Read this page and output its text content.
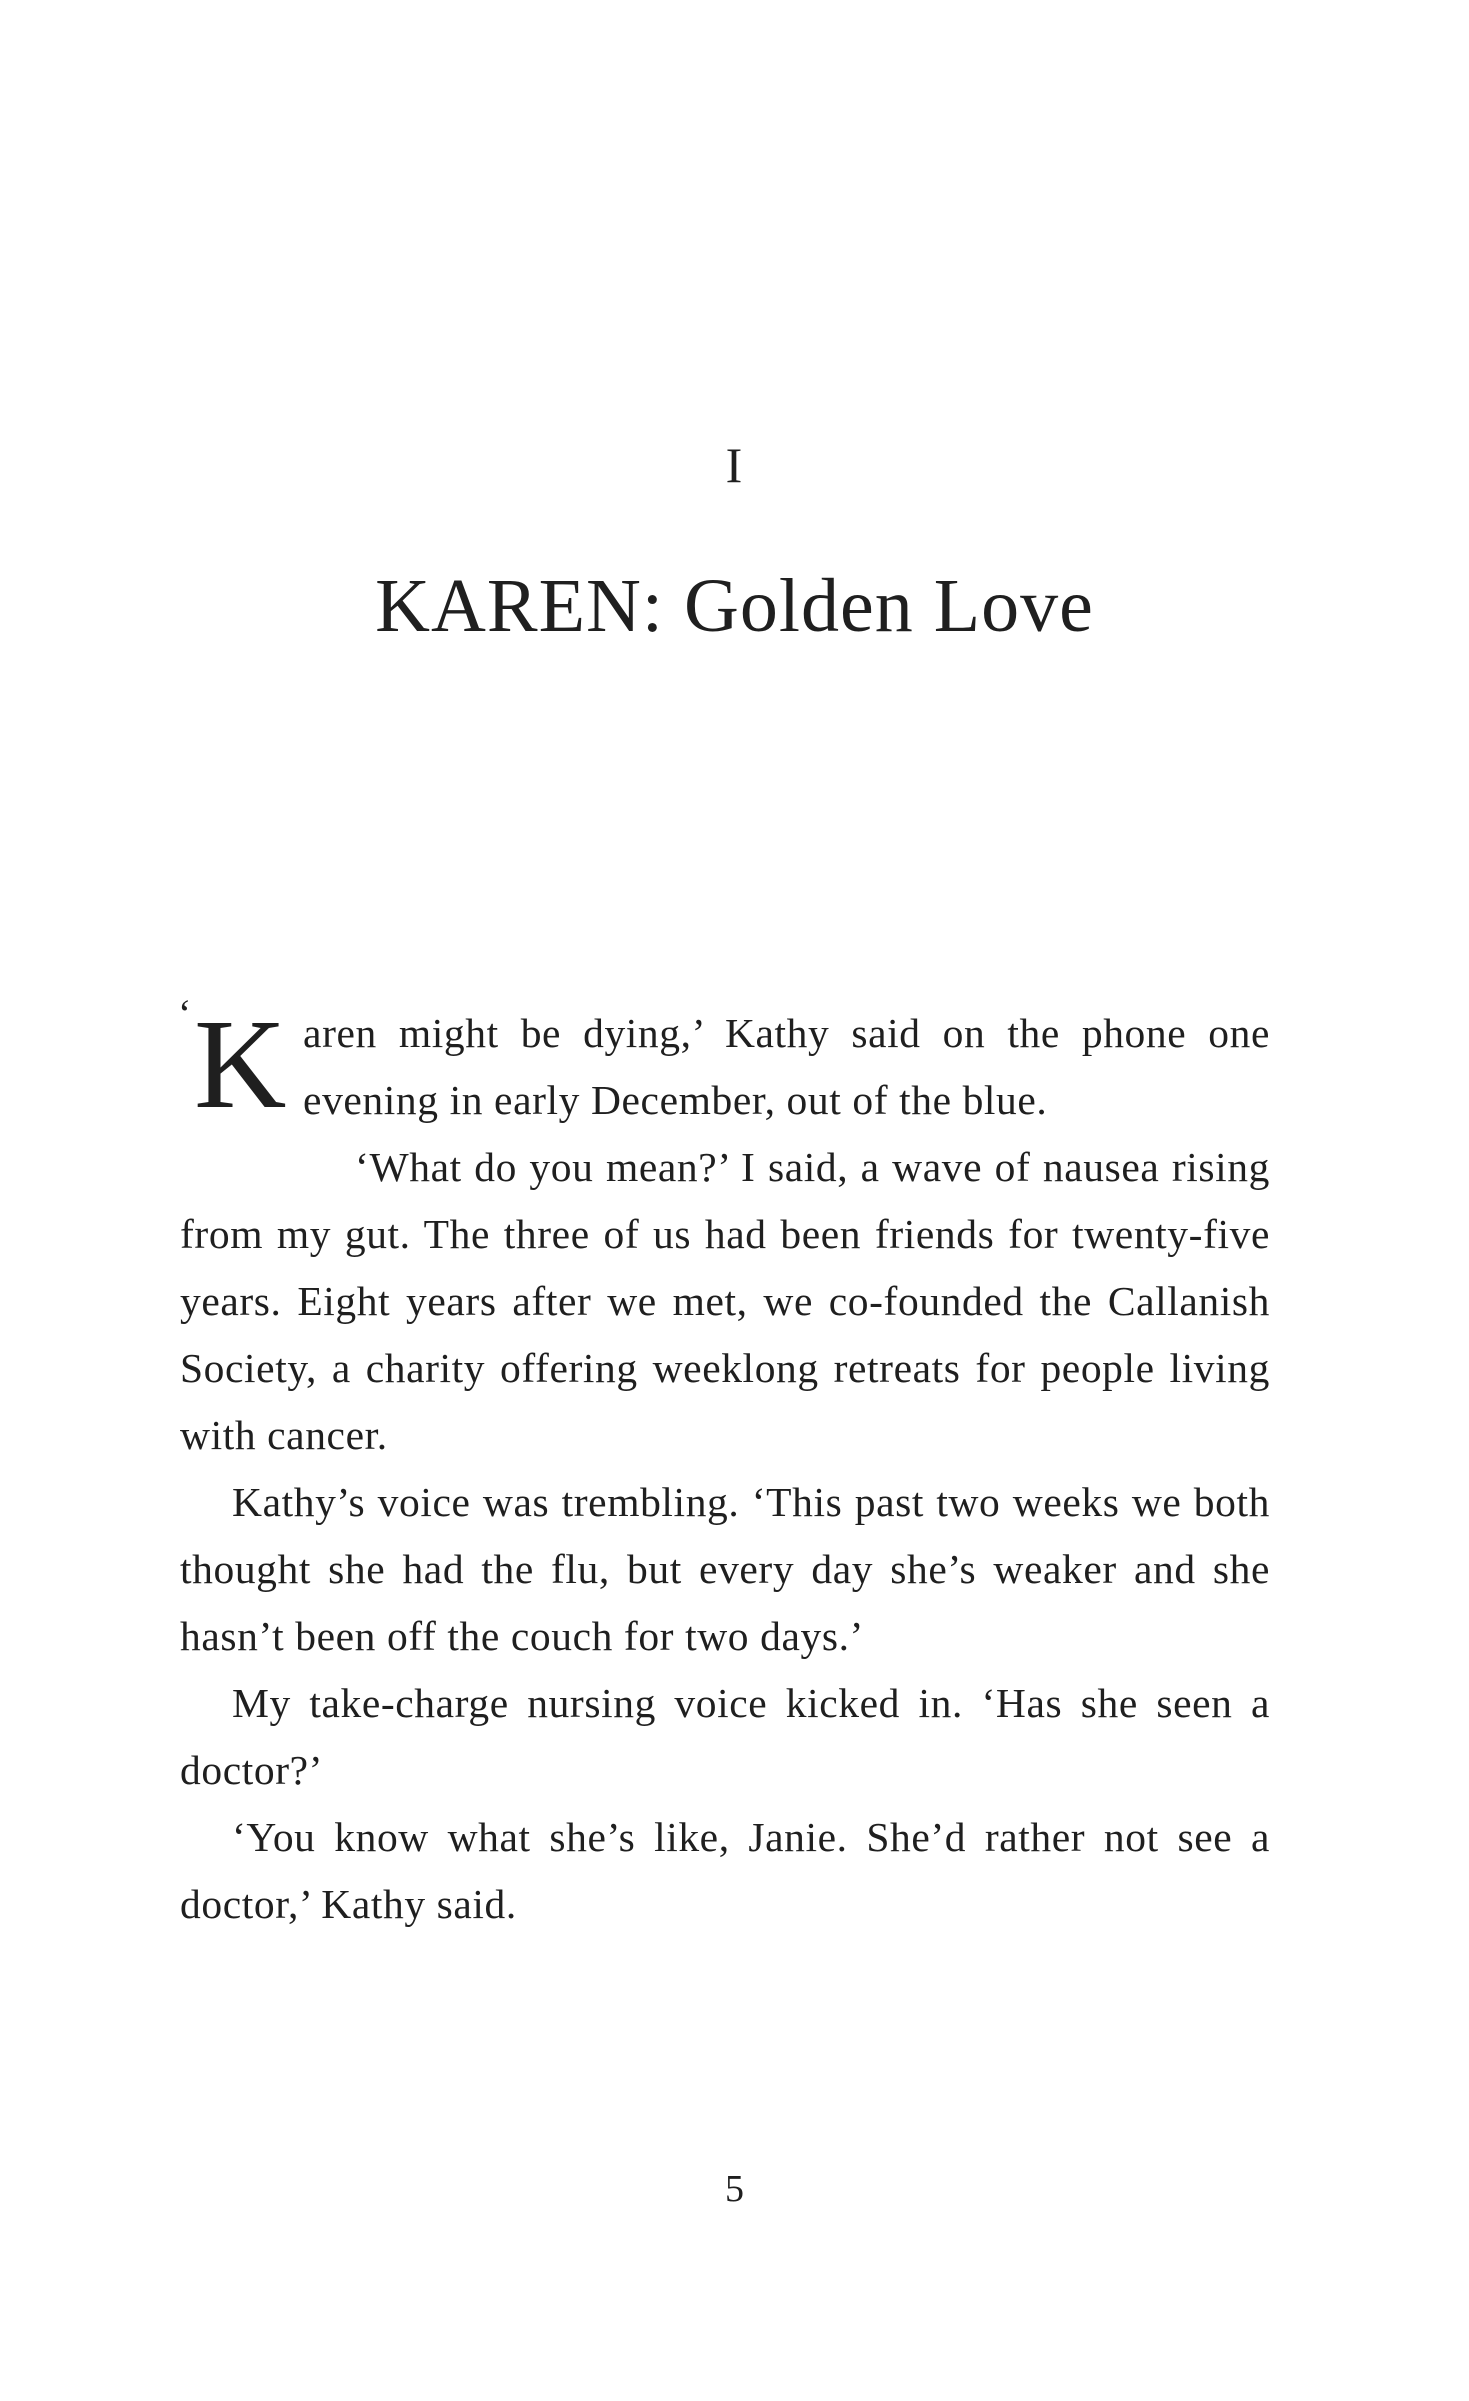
I
KAREN: Golden Love

‘ K aren might be dying,’ Kathy said on the phone one evening in early December, out of the blue.

‘What do you mean?’ I said, a wave of nausea rising from my gut. The three of us had been friends for twenty-five years. Eight years after we met, we co-founded the Callanish Society, a charity offering weeklong retreats for people living with cancer.

Kathy’s voice was trembling. ‘This past two weeks we both thought she had the flu, but every day she’s weaker and she hasn’t been off the couch for two days.’

My take-charge nursing voice kicked in. ‘Has she seen a doctor?’

‘You know what she’s like, Janie. She’d rather not see a doctor,’ Kathy said.

5
